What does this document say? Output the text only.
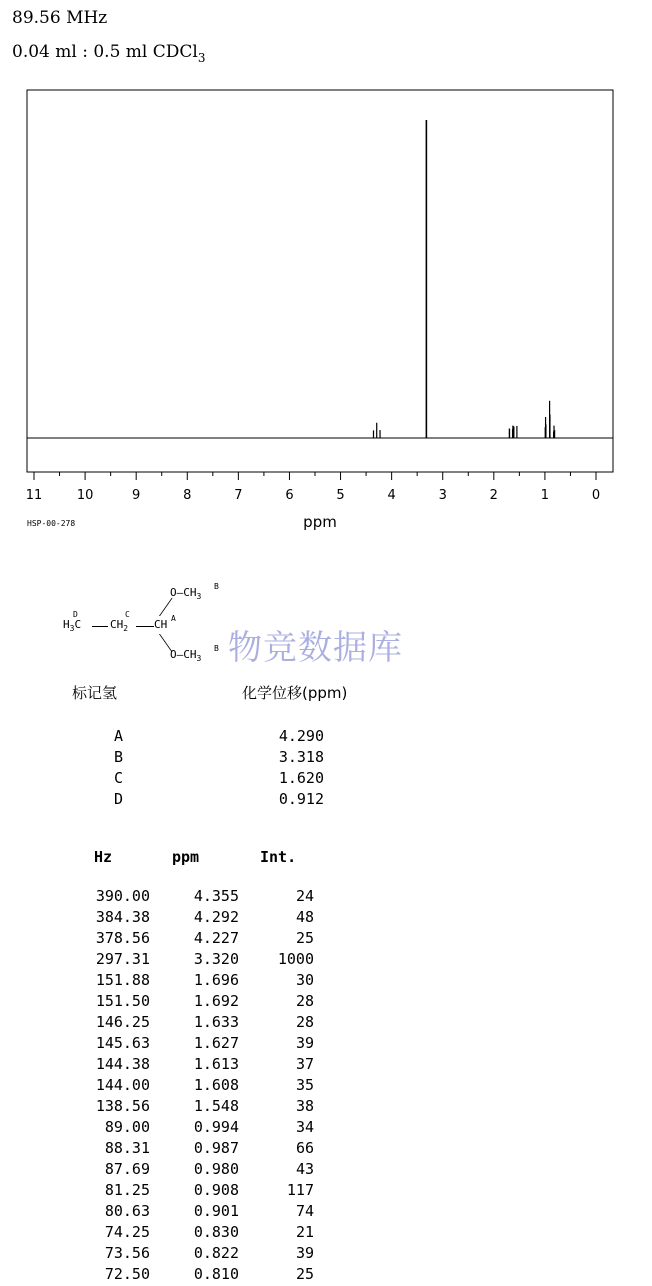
89.56 MHz
0.04 ml : 0.5 ml CDCl$_3$
11	10	9	8	7	6	5	4	3	2	1	0
ppm
HSP-00-278
$H_3C$
D
$CH_2$
C
CH A
$O—CH_3$
B
$O—CH_3$
B 物竞数据库
标记氢	化学位移(ppm)
A	4.290
B	3.318
C	1.620
D	0.912
Hz	ppm	Int.
390.00	4.355	24
384.38	4.292	48
378.56	4.227	25
297.31	3.320	1000
151.88	1.696	30
151.50	1.692	28
146.25	1.633	28
145.63	1.627	39
144.38	1.613	37
144.00	1.608	35
138.56	1.548	38
89.00	0.994	34
88.31	0.987	66
87.69	0.980	43
81.25	0.908	117
80.63	0.901	74
74.25	0.830	21
73.56	0.822	39
72.50	0.810	25
